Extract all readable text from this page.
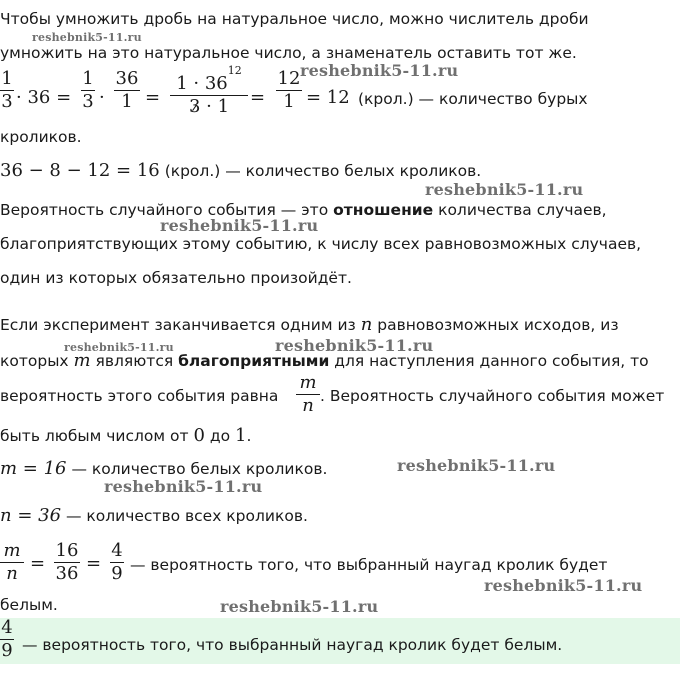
Чтобы умножить дробь на натуральное число, можно числитель дроби
умножить на это натуральное число, а знаменатель оставить тот же.
1
3 · 36 =
1
3 ·
36
1 =
$1 \cdot 36^{12}$
3 · 1	=
12
1 = 12 (крол.) — количество бурых
кроликов.
36 − 8 − 12 = 16 (крол.) — количество белых кроликов.
Вероятность случайного события — это отношение количества случаев,
благоприятствующих этому событию, к числу всех равновозможных случаев,
один из которых обязательно произойдёт.
Если эксперимент заканчивается одним из n равновозможных исходов, из
которых m являются благоприятными для наступления данного события, то
вероятность этого события равна
m
n . Вероятность случайного события может
быть любым числом от 0 до 1.
m = 16 — количество белых кроликов.
n = 36 — количество всех кроликов.
m
n =
16
36 =
4
9 — вероятность того, что выбранный наугад кролик будет
белым.
4
9 — вероятность того, что выбранный наугад кролик будет белым.
reshebnik5-11.ru
reshebnik5-11.ru
reshebnik5-11.ru
reshebnik5-11.ru
reshebnik5-11.ru	reshebnik5-11.ru
reshebnik5-11.ru
reshebnik5-11.ru
reshebnik5-11.ru
reshebnik5-11.ru
